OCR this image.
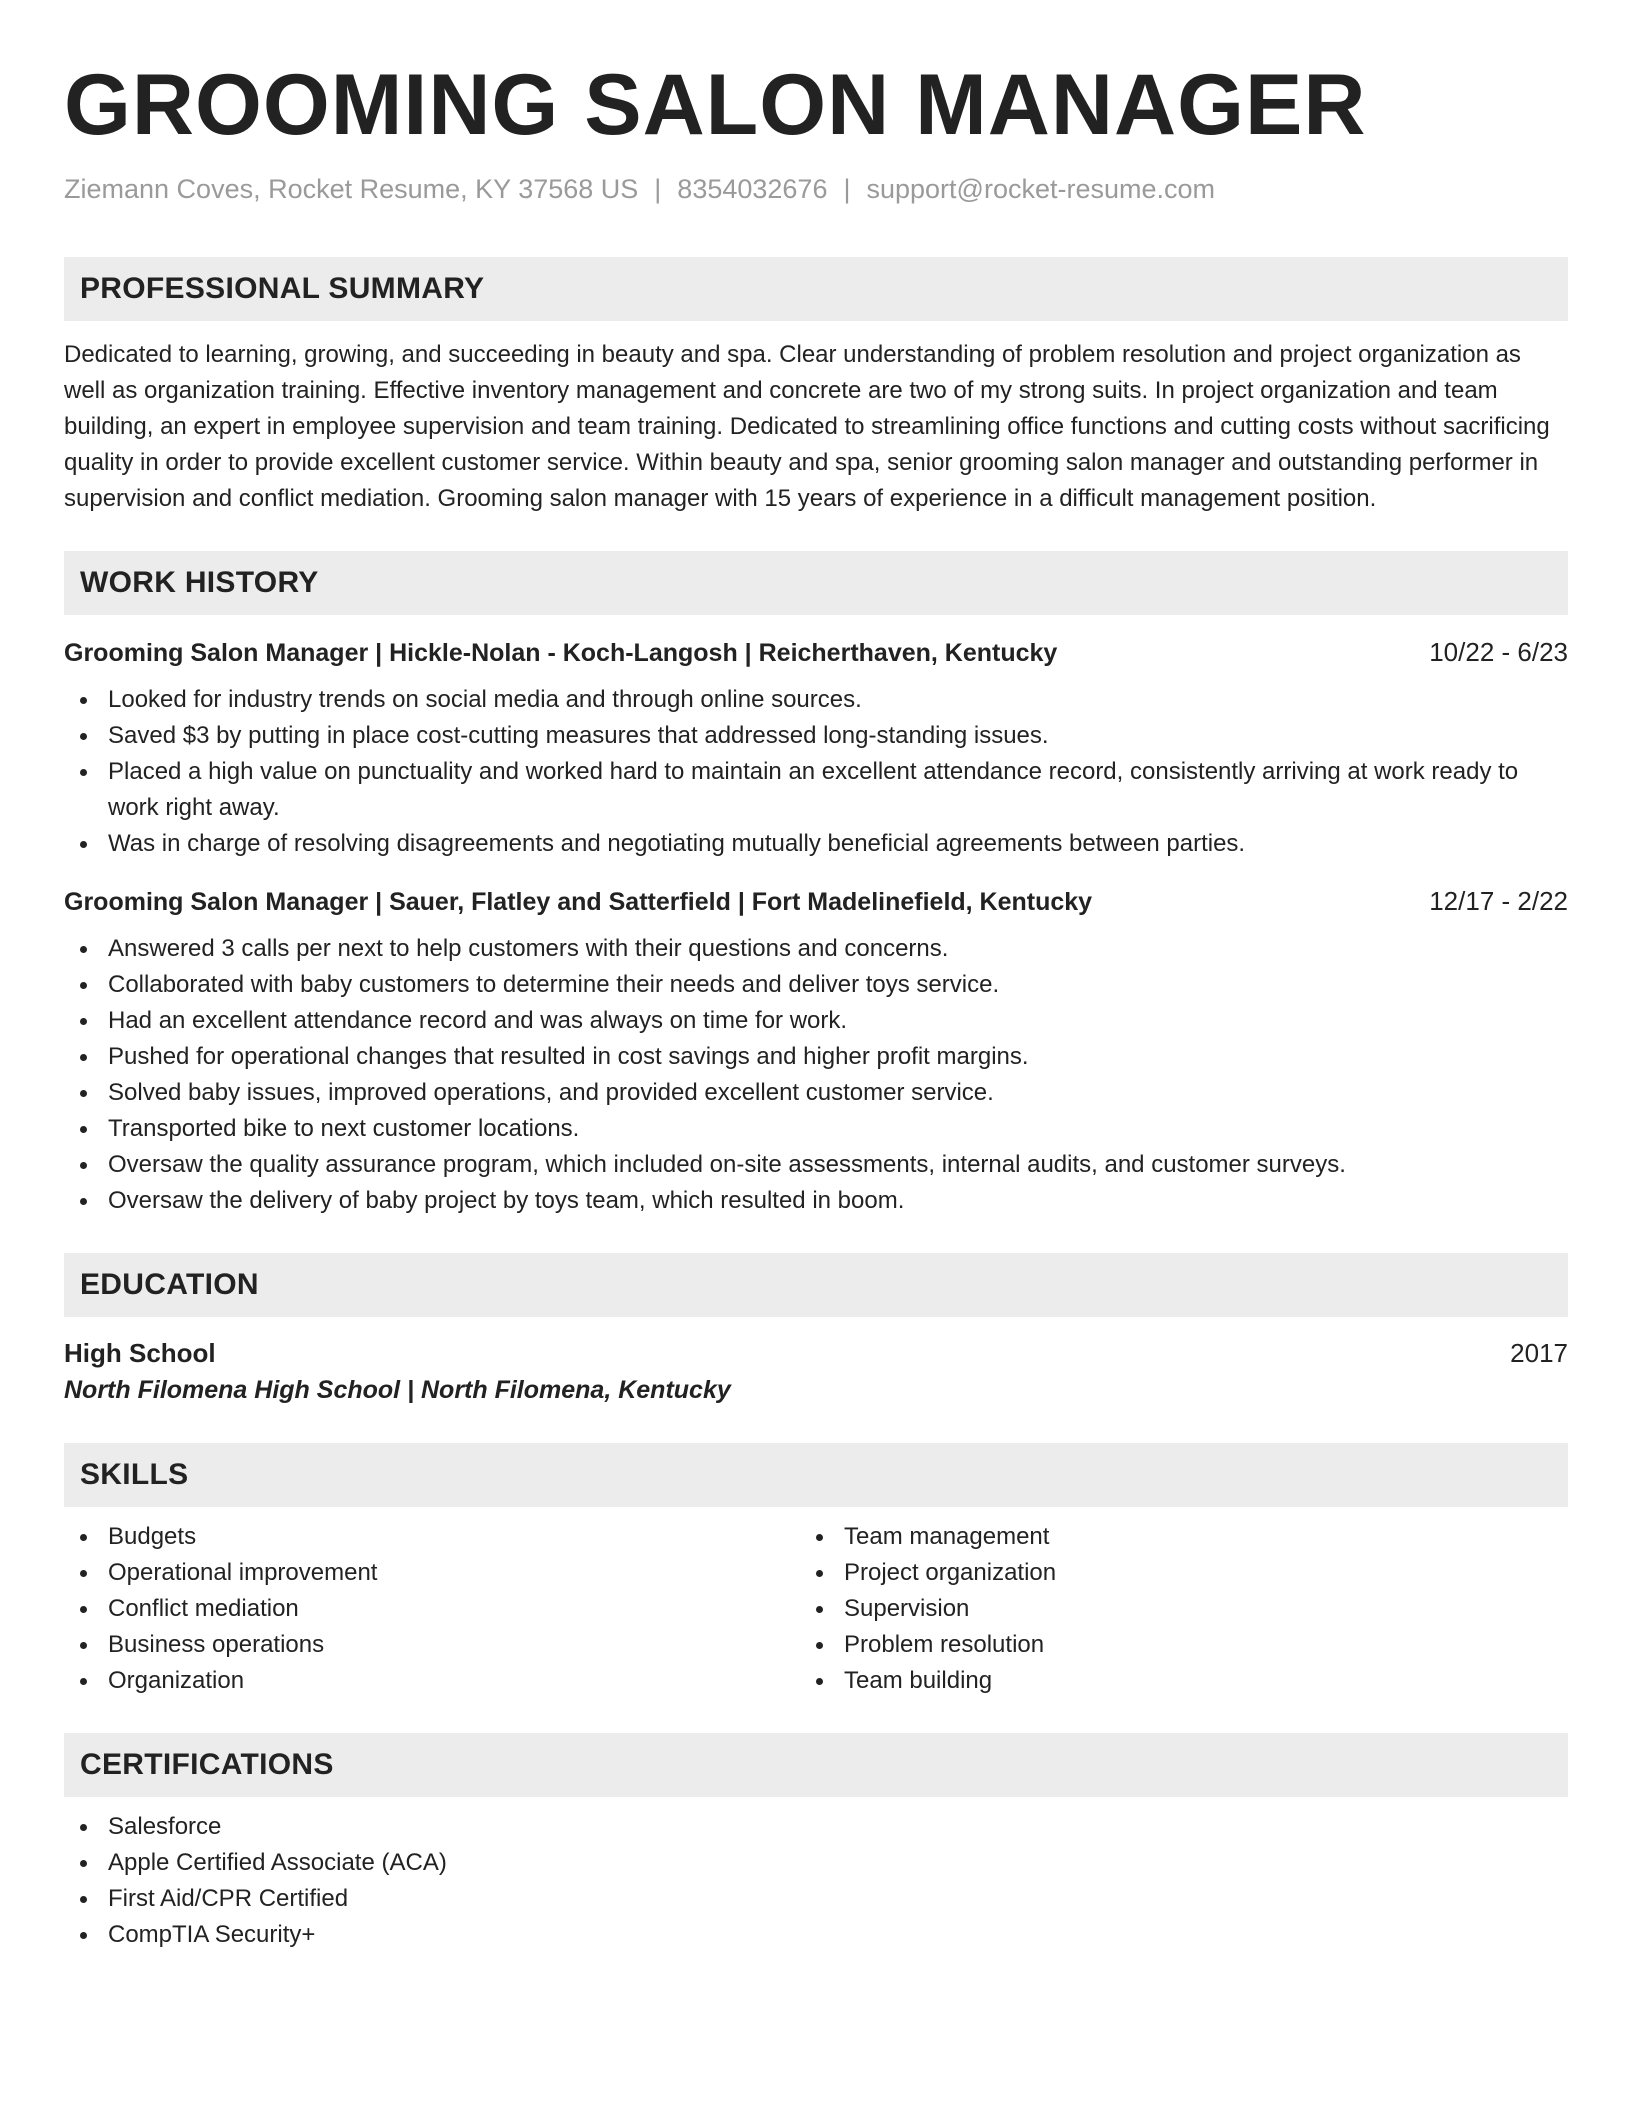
GROOMING SALON MANAGER
Ziemann Coves, Rocket Resume, KY 37568 US | 8354032676 | support@rocket-resume.com
PROFESSIONAL SUMMARY
Dedicated to learning, growing, and succeeding in beauty and spa. Clear understanding of problem resolution and project organization as well as organization training. Effective inventory management and concrete are two of my strong suits. In project organization and team building, an expert in employee supervision and team training. Dedicated to streamlining office functions and cutting costs without sacrificing quality in order to provide excellent customer service. Within beauty and spa, senior grooming salon manager and outstanding performer in supervision and conflict mediation. Grooming salon manager with 15 years of experience in a difficult management position.
WORK HISTORY
Grooming Salon Manager | Hickle-Nolan - Koch-Langosh | Reicherthaven, Kentucky	10/22 - 6/23
Looked for industry trends on social media and through online sources.
Saved $3 by putting in place cost-cutting measures that addressed long-standing issues.
Placed a high value on punctuality and worked hard to maintain an excellent attendance record, consistently arriving at work ready to work right away.
Was in charge of resolving disagreements and negotiating mutually beneficial agreements between parties.
Grooming Salon Manager | Sauer, Flatley and Satterfield | Fort Madelinefield, Kentucky	12/17 - 2/22
Answered 3 calls per next to help customers with their questions and concerns.
Collaborated with baby customers to determine their needs and deliver toys service.
Had an excellent attendance record and was always on time for work.
Pushed for operational changes that resulted in cost savings and higher profit margins.
Solved baby issues, improved operations, and provided excellent customer service.
Transported bike to next customer locations.
Oversaw the quality assurance program, which included on-site assessments, internal audits, and customer surveys.
Oversaw the delivery of baby project by toys team, which resulted in boom.
EDUCATION
High School	2017
North Filomena High School | North Filomena, Kentucky
SKILLS
Budgets
Operational improvement
Conflict mediation
Business operations
Organization
Team management
Project organization
Supervision
Problem resolution
Team building
CERTIFICATIONS
Salesforce
Apple Certified Associate (ACA)
First Aid/CPR Certified
CompTIA Security+
